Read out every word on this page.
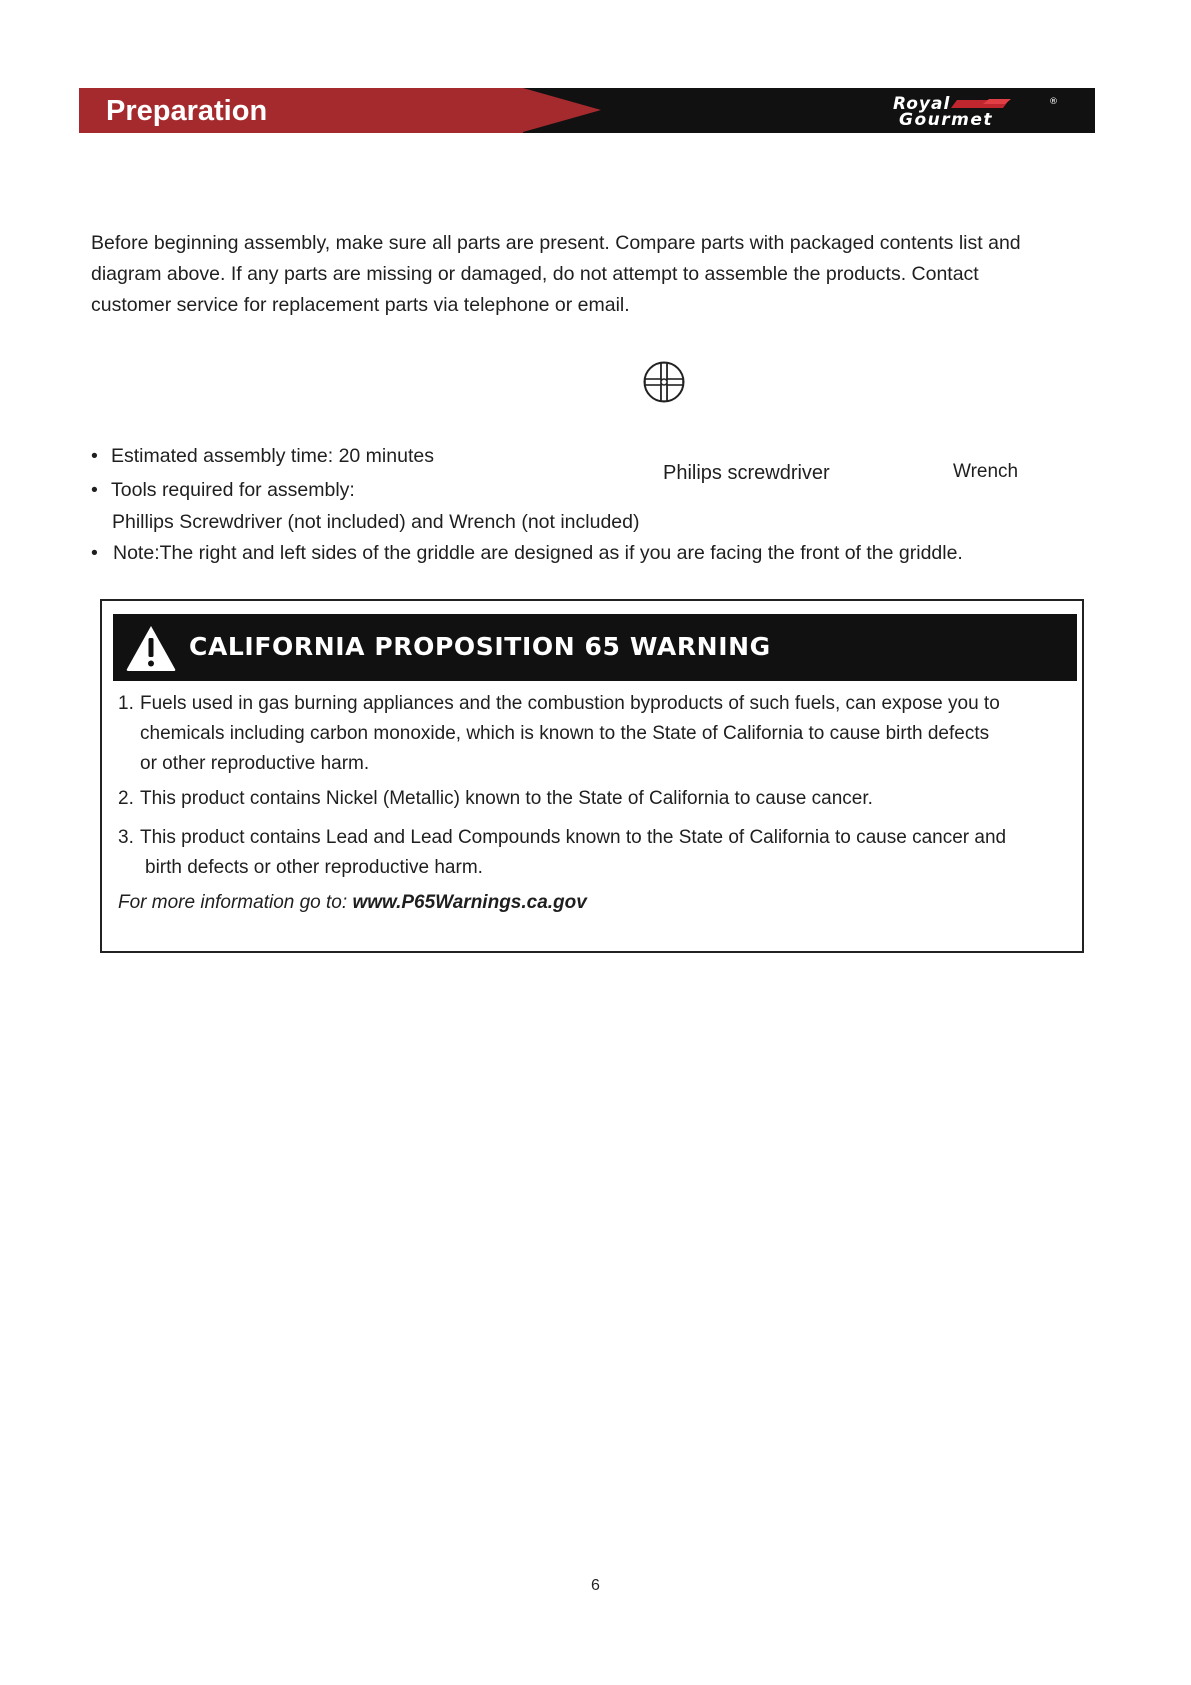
Preparation	Royal
Gourmet
®

Before beginning assembly, make sure all parts are present. Compare parts with packaged contents list and

diagram above. If any parts are missing or damaged, do not attempt to assemble the products. Contact

customer service for replacement parts via telephone or email.

Philips screwdriver	Wrench
• Estimated assembly time: 20 minutes
• Tools required for assembly:
Phillips Screwdriver (not included) and Wrench (not included)
• Note:The right and left sides of the griddle are designed as if you are facing the front of the griddle.
CALIFORNIA PROPOSITION 65 WARNING
1. Fuels used in gas burning appliances and the combustion byproducts of such fuels, can expose you to
chemicals including carbon monoxide, which is known to the State of California to cause birth defects
or other reproductive harm.
2. This product contains Nickel (Metallic) known to the State of California to cause cancer.
3. This product contains Lead and Lead Compounds known to the State of California to cause cancer and
birth defects or other reproductive harm.
For more information go to: www.P65Warnings.ca.gov
6
